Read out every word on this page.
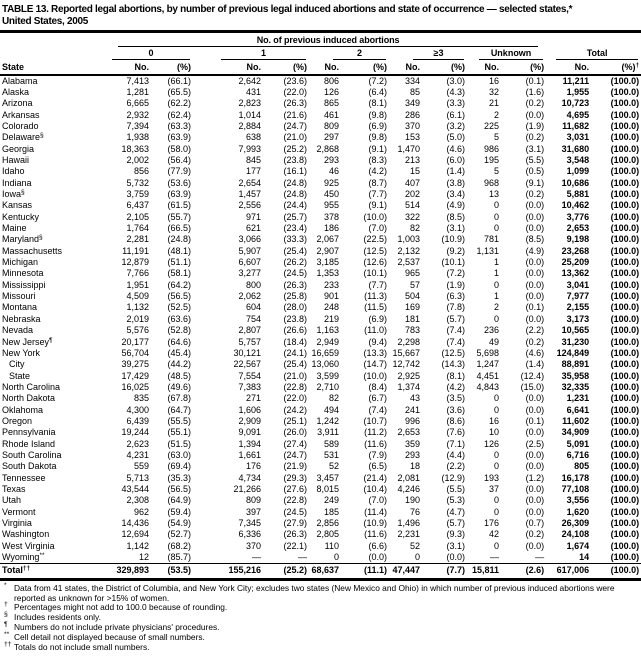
TABLE 13. Reported legal abortions, by number of previous legal induced abortions and state of occurrence — selected states,*
United States, 2005

	No. of previous induced abortions											

	0		1		2		≥3		Unknown		Total	

State	No.	(%)	No.	(%)	No.	(%)	No.	(%)	No.	(%)	No.	(%)†
Alabama	7,413	(66.1)	2,642	(23.6)	806	(7.2)	334	(3.0)	16	(0.1)	11,211	(100.0)
Alaska	1,281	(65.5)	431	(22.0)	126	(6.4)	85	(4.3)	32	(1.6)	1,955	(100.0)
Arizona	6,665	(62.2)	2,823	(26.3)	865	(8.1)	349	(3.3)	21	(0.2)	10,723	(100.0)
Arkansas	2,932	(62.4)	1,014	(21.6)	461	(9.8)	286	(6.1)	2	(0.0)	4,695	(100.0)
Colorado	7,394	(63.3)	2,884	(24.7)	809	(6.9)	370	(3.2)	225	(1.9)	11,682	(100.0)
Delaware§	1,938	(63.9)	638	(21.0)	297	(9.8)	153	(5.0)	5	(0.2)	3,031	(100.0)
Georgia	18,363	(58.0)	7,993	(25.2)	2,868	(9.1)	1,470	(4.6)	986	(3.1)	31,680	(100.0)
Hawaii	2,002	(56.4)	845	(23.8)	293	(8.3)	213	(6.0)	195	(5.5)	3,548	(100.0)
Idaho	856	(77.9)	177	(16.1)	46	(4.2)	15	(1.4)	5	(0.5)	1,099	(100.0)
Indiana	5,732	(53.6)	2,654	(24.8)	925	(8.7)	407	(3.8)	968	(9.1)	10,686	(100.0)
Iowa§	3,759	(63.9)	1,457	(24.8)	450	(7.7)	202	(3.4)	13	(0.2)	5,881	(100.0)
Kansas	6,437	(61.5)	2,556	(24.4)	955	(9.1)	514	(4.9)	0	(0.0)	10,462	(100.0)
Kentucky	2,105	(55.7)	971	(25.7)	378	(10.0)	322	(8.5)	0	(0.0)	3,776	(100.0)
Maine	1,764	(66.5)	621	(23.4)	186	(7.0)	82	(3.1)	0	(0.0)	2,653	(100.0)
Maryland§	2,281	(24.8)	3,066	(33.3)	2,067	(22.5)	1,003	(10.9)	781	(8.5)	9,198	(100.0)
Massachusetts	11,191	(48.1)	5,907	(25.4)	2,907	(12.5)	2,132	(9.2)	1,131	(4.9)	23,268	(100.0)
Michigan	12,879	(51.1)	6,607	(26.2)	3,185	(12.6)	2,537	(10.1)	1	(0.0)	25,209	(100.0)
Minnesota	7,766	(58.1)	3,277	(24.5)	1,353	(10.1)	965	(7.2)	1	(0.0)	13,362	(100.0)
Mississippi	1,951	(64.2)	800	(26.3)	233	(7.7)	57	(1.9)	0	(0.0)	3,041	(100.0)
Missouri	4,509	(56.5)	2,062	(25.8)	901	(11.3)	504	(6.3)	1	(0.0)	7,977	(100.0)
Montana	1,132	(52.5)	604	(28.0)	248	(11.5)	169	(7.8)	2	(0.1)	2,155	(100.0)
Nebraska	2,019	(63.6)	754	(23.8)	219	(6.9)	181	(5.7)	0	(0.0)	3,173	(100.0)
Nevada	5,576	(52.8)	2,807	(26.6)	1,163	(11.0)	783	(7.4)	236	(2.2)	10,565	(100.0)
New Jersey¶	20,177	(64.6)	5,757	(18.4)	2,949	(9.4)	2,298	(7.4)	49	(0.2)	31,230	(100.0)
New York	56,704	(45.4)	30,121	(24.1)	16,659	(13.3)	15,667	(12.5)	5,698	(4.6)	124,849	(100.0)
City	39,275	(44.2)	22,567	(25.4)	13,060	(14.7)	12,742	(14.3)	1,247	(1.4)	88,891	(100.0)
State	17,429	(48.5)	7,554	(21.0)	3,599	(10.0)	2,925	(8.1)	4,451	(12.4)	35,958	(100.0)
North Carolina	16,025	(49.6)	7,383	(22.8)	2,710	(8.4)	1,374	(4.2)	4,843	(15.0)	32,335	(100.0)
North Dakota	835	(67.8)	271	(22.0)	82	(6.7)	43	(3.5)	0	(0.0)	1,231	(100.0)
Oklahoma	4,300	(64.7)	1,606	(24.2)	494	(7.4)	241	(3.6)	0	(0.0)	6,641	(100.0)
Oregon	6,439	(55.5)	2,909	(25.1)	1,242	(10.7)	996	(8.6)	16	(0.1)	11,602	(100.0)
Pennsylvania	19,244	(55.1)	9,091	(26.0)	3,911	(11.2)	2,653	(7.6)	10	(0.0)	34,909	(100.0)
Rhode Island	2,623	(51.5)	1,394	(27.4)	589	(11.6)	359	(7.1)	126	(2.5)	5,091	(100.0)
South Carolina	4,231	(63.0)	1,661	(24.7)	531	(7.9)	293	(4.4)	0	(0.0)	6,716	(100.0)
South Dakota	559	(69.4)	176	(21.9)	52	(6.5)	18	(2.2)	0	(0.0)	805	(100.0)
Tennessee	5,713	(35.3)	4,734	(29.3)	3,457	(21.4)	2,081	(12.9)	193	(1.2)	16,178	(100.0)
Texas	43,544	(56.5)	21,266	(27.6)	8,015	(10.4)	4,246	(5.5)	37	(0.0)	77,108	(100.0)
Utah	2,308	(64.9)	809	(22.8)	249	(7.0)	190	(5.3)	0	(0.0)	3,556	(100.0)
Vermont	962	(59.4)	397	(24.5)	185	(11.4)	76	(4.7)	0	(0.0)	1,620	(100.0)
Virginia	14,436	(54.9)	7,345	(27.9)	2,856	(10.9)	1,496	(5.7)	176	(0.7)	26,309	(100.0)
Washington	12,694	(52.7)	6,336	(26.3)	2,805	(11.6)	2,231	(9.3)	42	(0.2)	24,108	(100.0)
West Virginia	1,142	(68.2)	370	(22.1)	110	(6.6)	52	(3.1)	0	(0.0)	1,674	(100.0)
Wyoming**	12	(85.7)	—	—	0	(0.0)	0	(0.0)	—	—	14	(100.0)
Total††	329,893	(53.5)	155,216	(25.2)	68,637	(11.1)	47,447	(7.7)	15,811	(2.6)	617,006	(100.0)
* Data from 41 states, the District of Columbia, and New York City; excludes two states (New Mexico and Ohio) in which number of previous induced abortions were reported as unknown for >15% of women.
† Percentages might not add to 100.0 because of rounding.
§ Includes residents only.
¶ Numbers do not include private physicians' procedures.
** Cell detail not displayed because of small numbers.
†† Totals do not include small numbers.
